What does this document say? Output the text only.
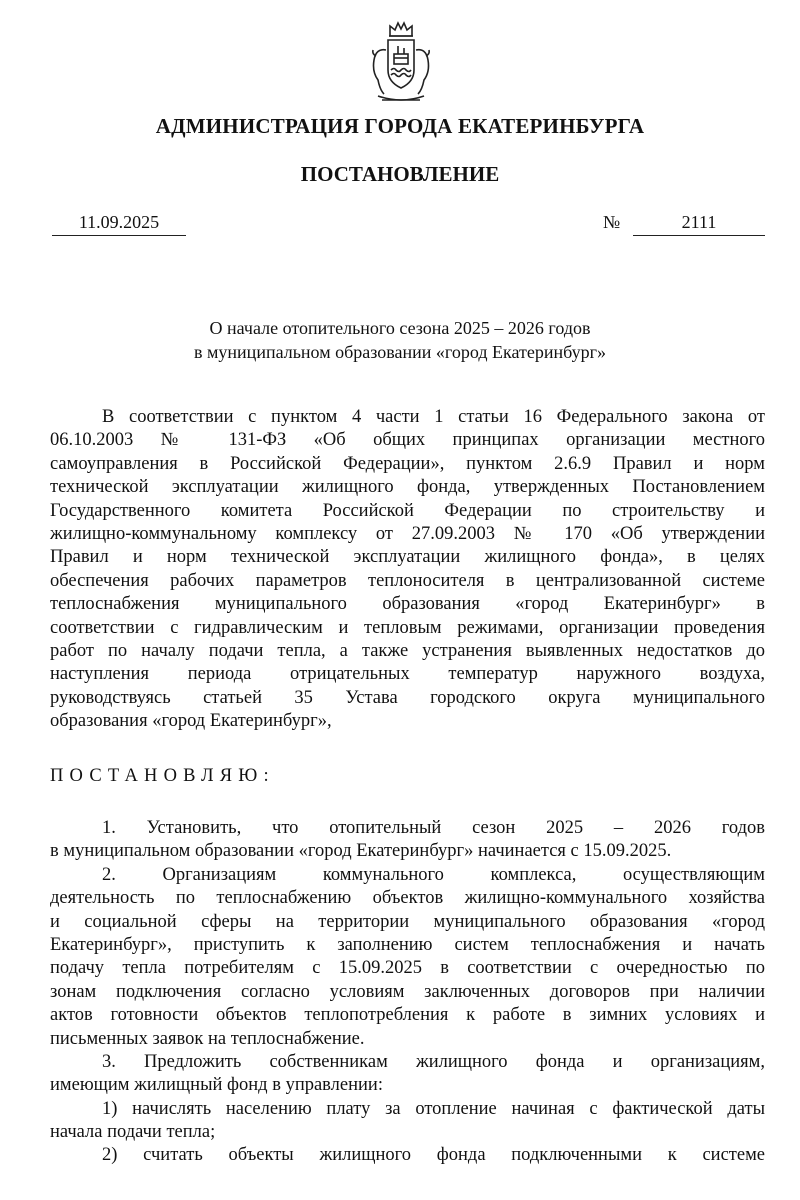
АДМИНИСТРАЦИЯ ГОРОДА ЕКАТЕРИНБУРГА
ПОСТАНОВЛЕНИЕ
11.09.2025	№	2111
О начале отопительного сезона 2025 – 2026 годов
в муниципальном образовании «город Екатеринбург»
В соответствии с пунктом 4 части 1 статьи 16 Федерального закона от
06.10.2003 № 131-ФЗ «Об общих принципах организации местного
самоуправления в Российской Федерации», пунктом 2.6.9 Правил и норм
технической эксплуатации жилищного фонда, утвержденных Постановлением
Государственного комитета Российской Федерации по строительству и
жилищно-коммунальному комплексу от 27.09.2003 № 170 «Об утверждении
Правил и норм технической эксплуатации жилищного фонда», в целях
обеспечения рабочих параметров теплоносителя в централизованной системе
теплоснабжения муниципального образования «город Екатеринбург» в
соответствии с гидравлическим и тепловым режимами, организации проведения
работ по началу подачи тепла, а также устранения выявленных недостатков до
наступления периода отрицательных температур наружного воздуха,
руководствуясь статьей 35 Устава городского округа муниципального
образования «город Екатеринбург»,
ПОСТАНОВЛЯЮ:
1. Установить, что отопительный сезон 2025 – 2026 годов
в муниципальном образовании «город Екатеринбург» начинается с 15.09.2025.
2. Организациям коммунального комплекса, осуществляющим
деятельность по теплоснабжению объектов жилищно-коммунального хозяйства
и социальной сферы на территории муниципального образования «город
Екатеринбург», приступить к заполнению систем теплоснабжения и начать
подачу тепла потребителям с 15.09.2025 в соответствии с очередностью по
зонам подключения согласно условиям заключенных договоров при наличии
актов готовности объектов теплопотребления к работе в зимних условиях и
письменных заявок на теплоснабжение.
3. Предложить собственникам жилищного фонда и организациям,
имеющим жилищный фонд в управлении:
1) начислять населению плату за отопление начиная с фактической даты
начала подачи тепла;
2) считать объекты жилищного фонда подключенными к системе
